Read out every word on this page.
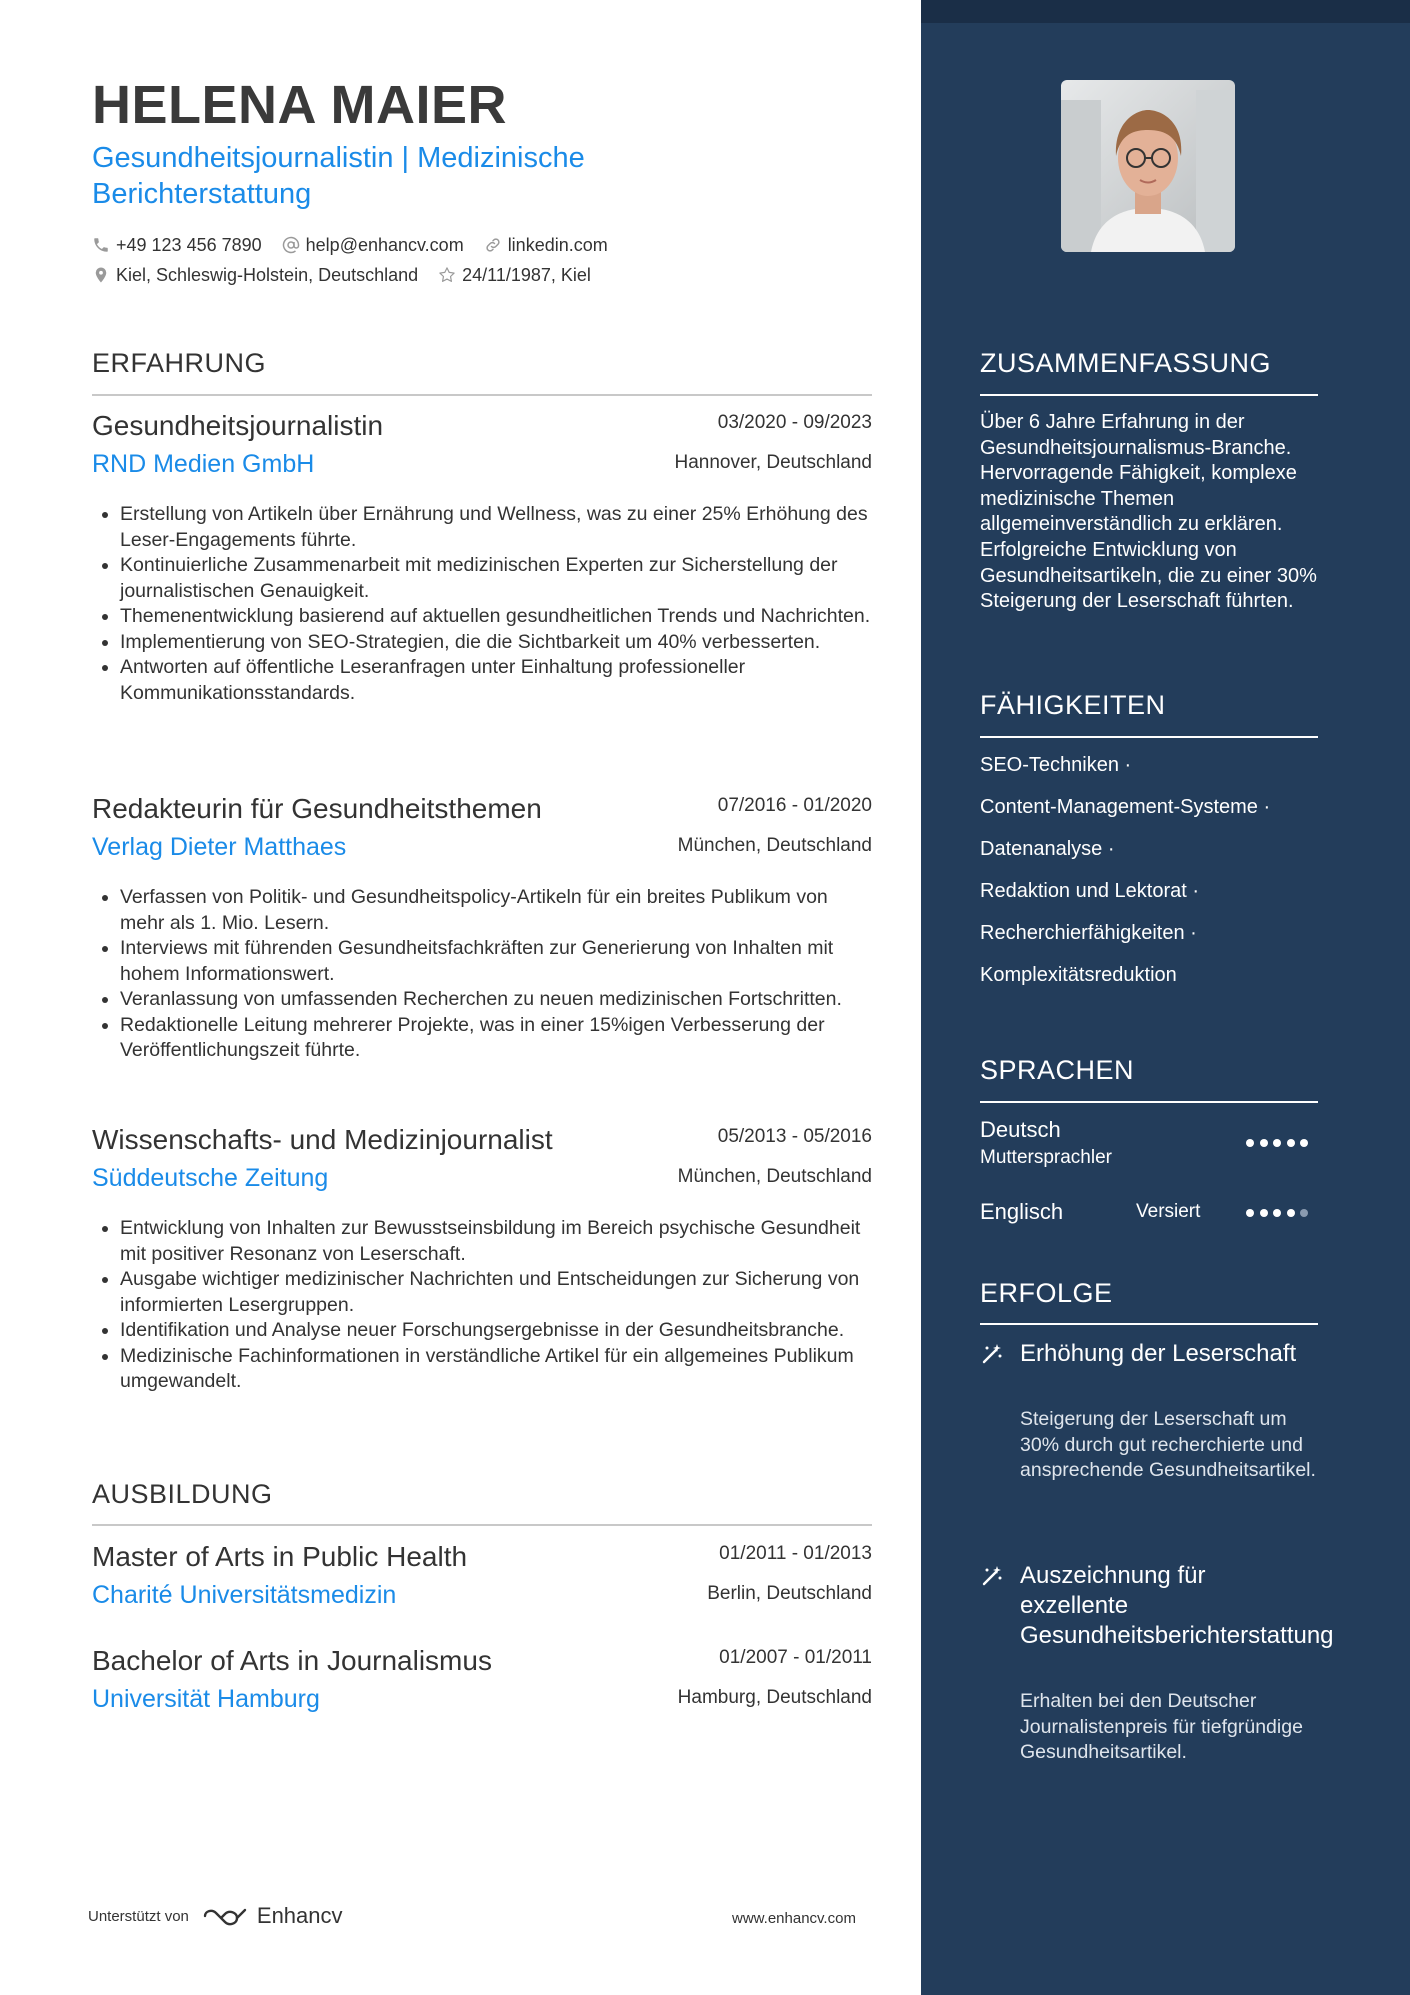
HELENA MAIER
Gesundheitsjournalistin | Medizinische Berichterstattung
+49 123 456 7890 help@enhancv.com linkedin.com
Kiel, Schleswig-Holstein, Deutschland 24/11/1987, Kiel
ERFAHRUNG
Gesundheitsjournalistin	03/2020 - 09/2023
RND Medien GmbH	Hannover, Deutschland
• Erstellung von Artikeln über Ernährung und Wellness, was zu einer 25% Erhöhung des Leser-Engagements führte.
• Kontinuierliche Zusammenarbeit mit medizinischen Experten zur Sicherstellung der journalistischen Genauigkeit.
• Themenentwicklung basierend auf aktuellen gesundheitlichen Trends und Nachrichten.
• Implementierung von SEO-Strategien, die die Sichtbarkeit um 40% verbesserten.
• Antworten auf öffentliche Leseranfragen unter Einhaltung professioneller Kommunikationsstandards.
Redakteurin für Gesundheitsthemen	07/2016 - 01/2020
Verlag Dieter Matthaes	München, Deutschland
• Verfassen von Politik- und Gesundheitspolicy-Artikeln für ein breites Publikum von mehr als 1. Mio. Lesern.
• Interviews mit führenden Gesundheitsfachkräften zur Generierung von Inhalten mit hohem Informationswert.
• Veranlassung von umfassenden Recherchen zu neuen medizinischen Fortschritten.
• Redaktionelle Leitung mehrerer Projekte, was in einer 15%igen Verbesserung der Veröffentlichungszeit führte.
Wissenschafts- und Medizinjournalist	05/2013 - 05/2016
Süddeutsche Zeitung	München, Deutschland
• Entwicklung von Inhalten zur Bewusstseinsbildung im Bereich psychische Gesundheit mit positiver Resonanz von Leserschaft.
• Ausgabe wichtiger medizinischer Nachrichten und Entscheidungen zur Sicherung von informierten Lesergruppen.
• Identifikation und Analyse neuer Forschungsergebnisse in der Gesundheitsbranche.
• Medizinische Fachinformationen in verständliche Artikel für ein allgemeines Publikum umgewandelt.
AUSBILDUNG
Master of Arts in Public Health	01/2011 - 01/2013
Charité Universitätsmedizin	Berlin, Deutschland
Bachelor of Arts in Journalismus	01/2007 - 01/2011
Universität Hamburg	Hamburg, Deutschland
Unterstützt von	Enhancv	www.enhancv.com
ZUSAMMENFASSUNG
Über 6 Jahre Erfahrung in der Gesundheitsjournalismus-Branche. Hervorragende Fähigkeit, komplexe medizinische Themen allgemeinverständlich zu erklären. Erfolgreiche Entwicklung von Gesundheitsartikeln, die zu einer 30% Steigerung der Leserschaft führten.
FÄHIGKEITEN
SEO-Techniken ·
Content-Management-Systeme ·
Datenanalyse ·
Redaktion und Lektorat ·
Recherchierfähigkeiten ·
Komplexitätsreduktion
SPRACHEN
Deutsch
Muttersprachler
Englisch	Versiert
ERFOLGE
Erhöhung der Leserschaft
Steigerung der Leserschaft um 30% durch gut recherchierte und ansprechende Gesundheitsartikel.
Auszeichnung für exzellente Gesundheitsberichterstattung
Erhalten bei den Deutscher Journalistenpreis für tiefgründige Gesundheitsartikel.
